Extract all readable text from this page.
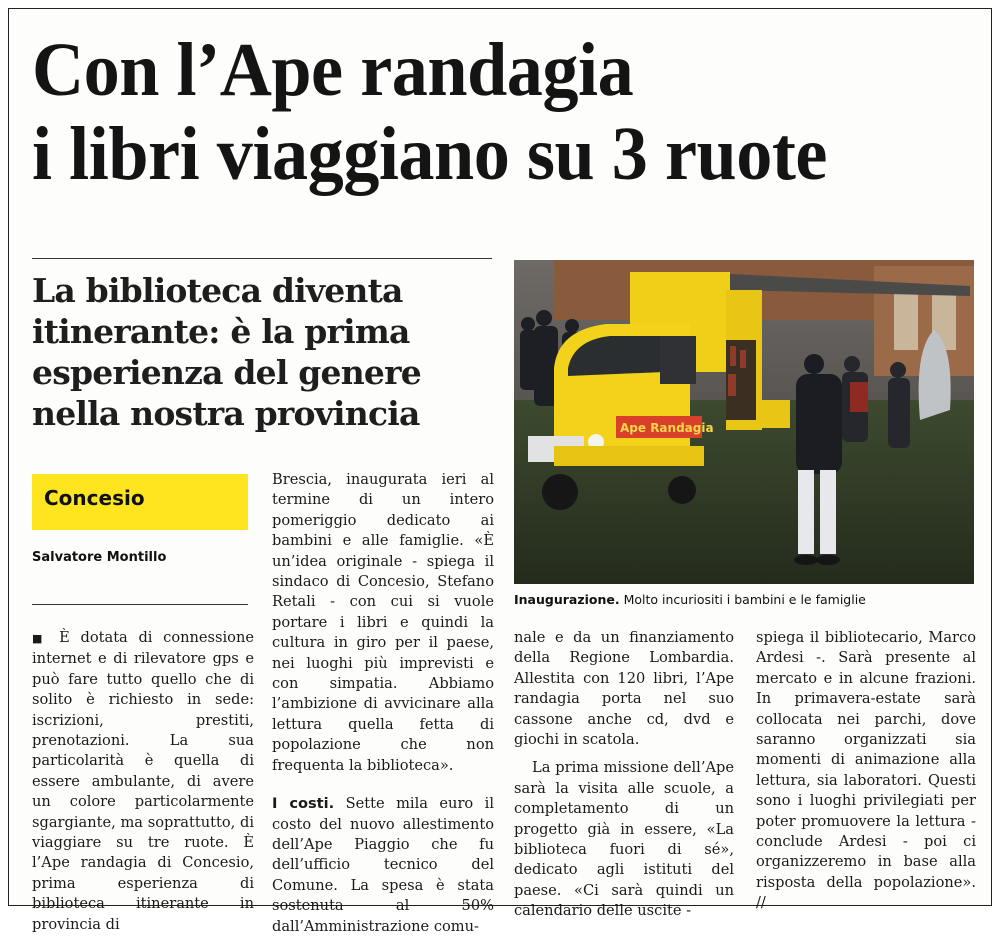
Con l’Ape randagia
i libri viaggiano su 3 ruote
La biblioteca diventa
itinerante: è la prima
esperienza del genere
nella nostra provincia
Concesio
Salvatore Montillo
Ape Randagia
Inaugurazione. Molto incuriositi i bambini e le famiglie

■ È dotata di connessione internet e di rilevatore gps e può fare tutto quello che di solito è richiesto in sede: iscrizioni, prestiti, prenotazioni. La sua particolarità è quella di essere ambulante, di avere un colore particolarmente sgargiante, ma soprattutto, di viaggiare su tre ruote. È l’Ape randagia di Concesio, prima esperienza di biblioteca itinerante in provincia di

Brescia, inaugurata ieri al termine di un intero pomeriggio dedicato ai bambini e alle famiglie. «È un’idea originale - spiega il sindaco di Concesio, Stefano Retali - con cui si vuole portare i libri e quindi la cultura in giro per il paese, nei luoghi più imprevisti e con simpatia. Abbiamo l’ambizione di avvicinare alla lettura quella fetta di popolazione che non frequenta la biblioteca».

I costi. Sette mila euro il costo del nuovo allestimento dell’Ape Piaggio che fu dell’ufficio tecnico del Comune. La spesa è stata sostenuta al 50% dall’Amministrazione comu-

nale e da un finanziamento della Regione Lombardia. Allestita con 120 libri, l’Ape randagia porta nel suo cassone anche cd, dvd e giochi in scatola.

La prima missione dell’Ape sarà la visita alle scuole, a completamento di un progetto già in essere, «La biblioteca fuori di sé», dedicato agli istituti del paese. «Ci sarà quindi un calendario delle uscite -

spiega il bibliotecario, Marco Ardesi -. Sarà presente al mercato e in alcune frazioni. In primavera-estate sarà collocata nei parchi, dove saranno organizzati sia momenti di animazione alla lettura, sia laboratori. Questi sono i luoghi privilegiati per poter promuovere la lettura - conclude Ardesi - poi ci organizzeremo in base alla risposta della popolazione». //
